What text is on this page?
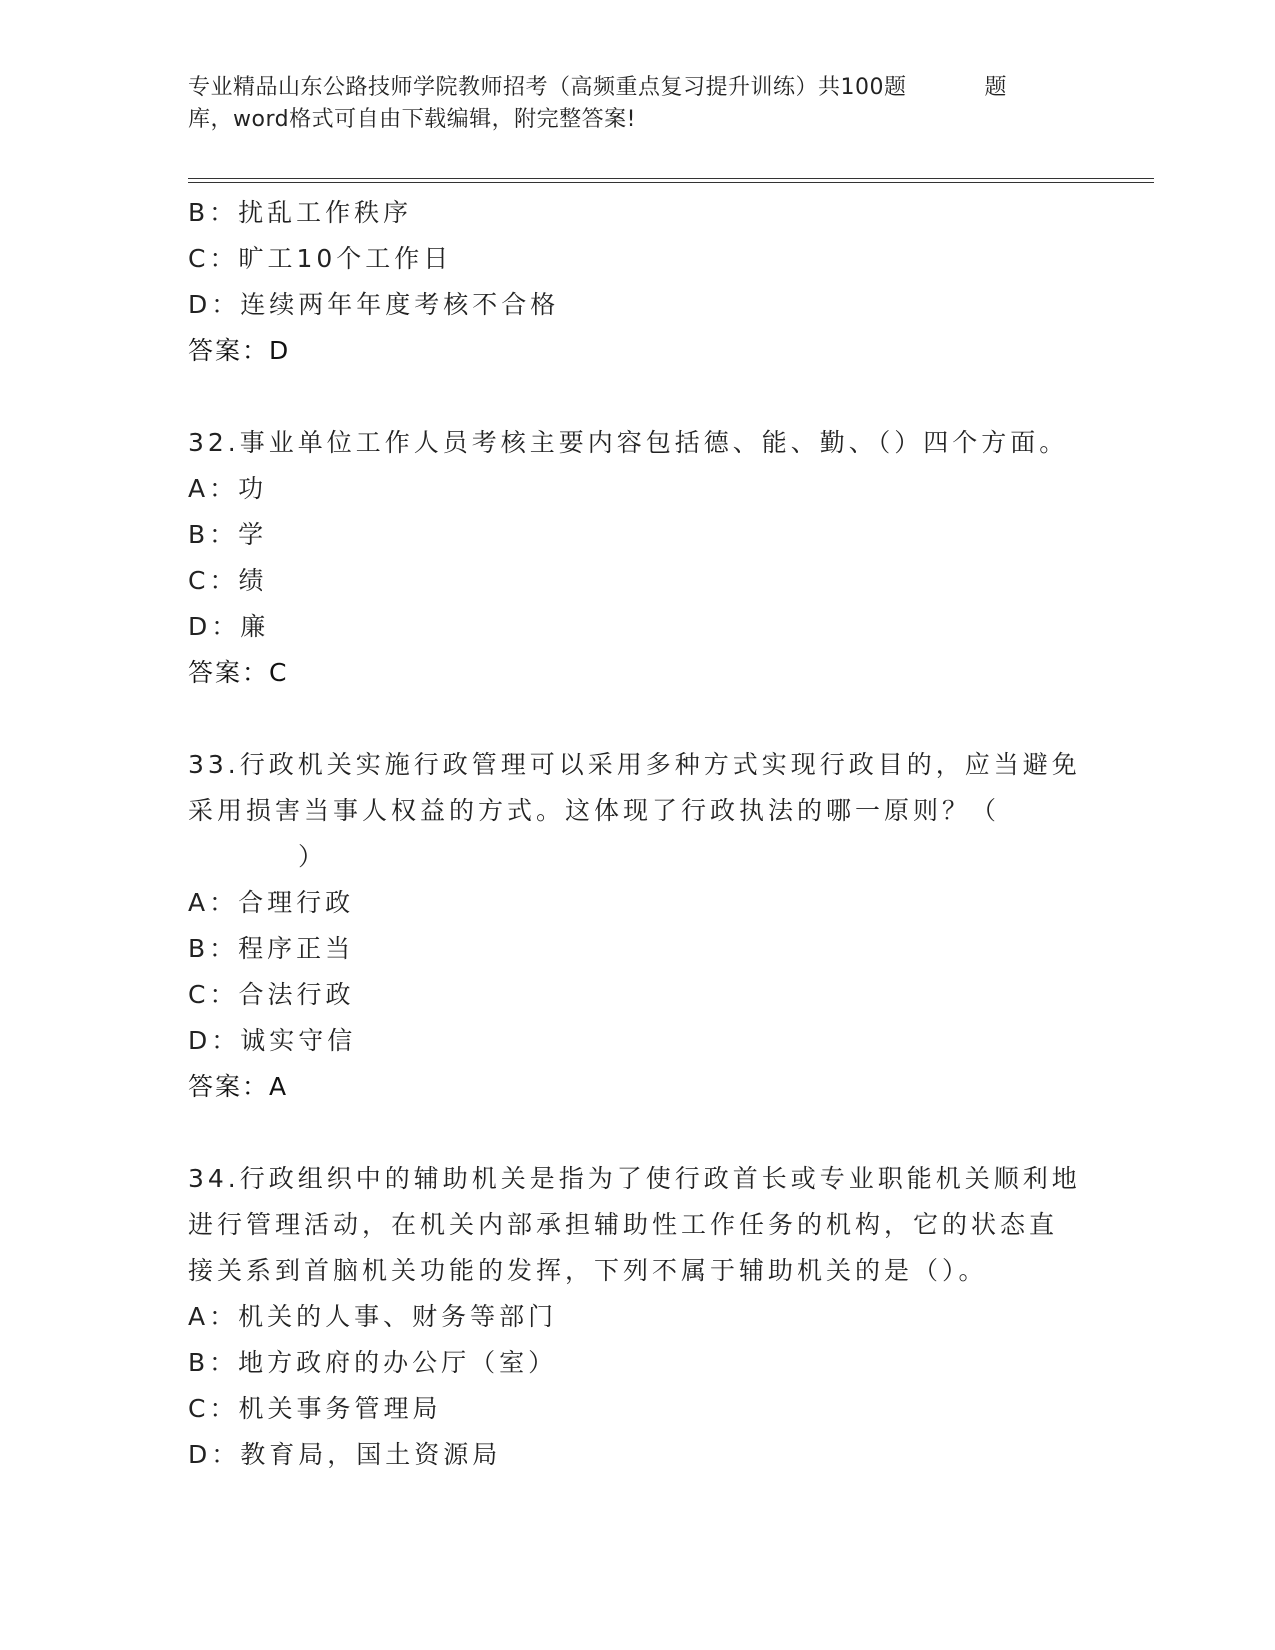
专业精品山东公路技师学院教师招考（高频重点复习提升训练）共100题	题
库，word格式可自由下载编辑，附完整答案!
B：扰乱工作秩序
C：旷工10个工作日
D：连续两年年度考核不合格
答案：D
32.事业单位工作人员考核主要内容包括德、能、勤、（）四个方面。
A：功
B：学
C：绩
D：廉
答案：C
33.行政机关实施行政管理可以采用多种方式实现行政目的，应当避免
采用损害当事人权益的方式。这体现了行政执法的哪一原则？（
）
A：合理行政
B：程序正当
C：合法行政
D：诚实守信
答案：A
34.行政组织中的辅助机关是指为了使行政首长或专业职能机关顺利地
进行管理活动，在机关内部承担辅助性工作任务的机构，它的状态直
接关系到首脑机关功能的发挥，下列不属于辅助机关的是（）。
A：机关的人事、财务等部门
B：地方政府的办公厅（室）
C：机关事务管理局
D：教育局，国土资源局
